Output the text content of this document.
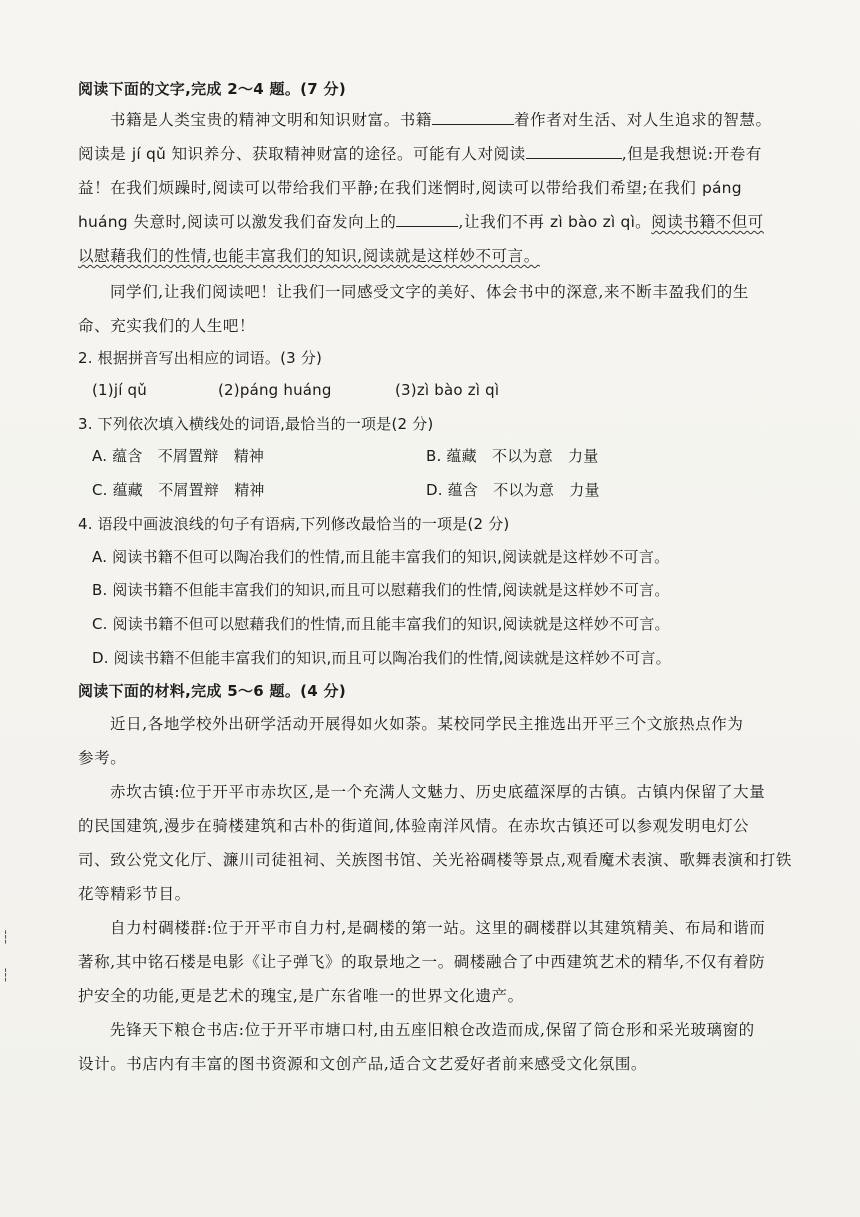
阅读下面的文字,完成 2～4 题。(7 分)
书籍是人类宝贵的精神文明和知识财富。书籍	着作者对生活、对人生追求的智慧。
阅读是 jí qǔ 知识养分、获取精神财富的途径。可能有人对阅读	,但是我想说:开卷有
益！在我们烦躁时,阅读可以带给我们平静;在我们迷惘时,阅读可以带给我们希望;在我们 páng
huáng 失意时,阅读可以激发我们奋发向上的	,让我们不再 zì bào zì qì。阅读书籍不但可
以慰藉我们的性情,也能丰富我们的知识,阅读就是这样妙不可言。
同学们,让我们阅读吧！让我们一同感受文字的美好、体会书中的深意,来不断丰盈我们的生
命、充实我们的人生吧！
2. 根据拼音写出相应的词语。(3 分)
(1)jí qǔ	(2)páng huáng	(3)zì bào zì qì
3. 下列依次填入横线处的词语,最恰当的一项是(2 分)
A. 蕴含　不屑置辩　精神	B. 蕴藏　不以为意　力量
C. 蕴藏　不屑置辩　精神	D. 蕴含　不以为意　力量
4. 语段中画波浪线的句子有语病,下列修改最恰当的一项是(2 分)
A. 阅读书籍不但可以陶冶我们的性情,而且能丰富我们的知识,阅读就是这样妙不可言。
B. 阅读书籍不但能丰富我们的知识,而且可以慰藉我们的性情,阅读就是这样妙不可言。
C. 阅读书籍不但可以慰藉我们的性情,而且能丰富我们的知识,阅读就是这样妙不可言。
D. 阅读书籍不但能丰富我们的知识,而且可以陶冶我们的性情,阅读就是这样妙不可言。
阅读下面的材料,完成 5～6 题。(4 分)
近日,各地学校外出研学活动开展得如火如荼。某校同学民主推选出开平三个文旅热点作为
参考。
赤坎古镇:位于开平市赤坎区,是一个充满人文魅力、历史底蕴深厚的古镇。古镇内保留了大量
的民国建筑,漫步在骑楼建筑和古朴的街道间,体验南洋风情。在赤坎古镇还可以参观发明电灯公
司、致公党文化厅、濂川司徒祖祠、关族图书馆、关光裕碉楼等景点,观看魔术表演、歌舞表演和打铁
花等精彩节目。
自力村碉楼群:位于开平市自力村,是碉楼的第一站。这里的碉楼群以其建筑精美、布局和谐而
著称,其中铭石楼是电影《让子弹飞》的取景地之一。碉楼融合了中西建筑艺术的精华,不仅有着防
护安全的功能,更是艺术的瑰宝,是广东省唯一的世界文化遗产。
先锋天下粮仓书店:位于开平市塘口村,由五座旧粮仓改造而成,保留了筒仓形和采光玻璃窗的
设计。书店内有丰富的图书资源和文创产品,适合文艺爱好者前来感受文化氛围。
┆
┆
